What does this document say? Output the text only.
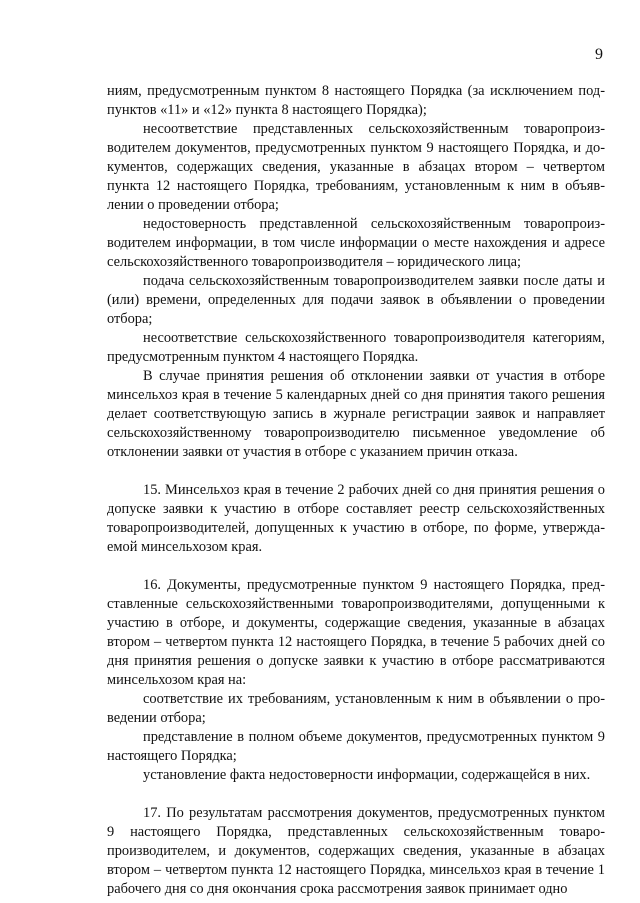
9

ниям, предусмотренным пунктом 8 настоящего Порядка (за исключением подпунктов «11» и «12» пункта 8 настоящего Порядка);

несоответствие представленных сельскохозяйственным товаропроизводителем документов, предусмотренных пунктом 9 настоящего Порядка, и документов, содержащих сведения, указанные в абзацах втором – четвертом пункта 12 настоящего Порядка, требованиям, установленным к ним в объявлении о проведении отбора;

недостоверность представленной сельскохозяйственным товаропроизводителем информации, в том числе информации о месте нахождения и адресе сельскохозяйственного товаропроизводителя – юридического лица;

подача сельскохозяйственным товаропроизводителем заявки после даты и (или) времени, определенных для подачи заявок в объявлении о проведении отбора;

несоответствие сельскохозяйственного товаропроизводителя категориям, предусмотренным пунктом 4 настоящего Порядка.

В случае принятия решения об отклонении заявки от участия в отборе минсельхоз края в течение 5 календарных дней со дня принятия такого решения делает соответствующую запись в журнале регистрации заявок и направляет сельскохозяйственному товаропроизводителю письменное уведомление об отклонении заявки от участия в отборе с указанием причин отказа.

15. Минсельхоз края в течение 2 рабочих дней со дня принятия решения о допуске заявки к участию в отборе составляет реестр сельскохозяйственных товаропроизводителей, допущенных к участию в отборе, по форме, утверждаемой минсельхозом края.

16. Документы, предусмотренные пунктом 9 настоящего Порядка, представленные сельскохозяйственными товаропроизводителями, допущенными к участию в отборе, и документы, содержащие сведения, указанные в абзацах втором – четвертом пункта 12 настоящего Порядка, в течение 5 рабочих дней со дня принятия решения о допуске заявки к участию в отборе рассматриваются минсельхозом края на:

соответствие их требованиям, установленным к ним в объявлении о проведении отбора;

представление в полном объеме документов, предусмотренных пунктом 9 настоящего Порядка;

установление факта недостоверности информации, содержащейся в них.

17. По результатам рассмотрения документов, предусмотренных пунктом 9 настоящего Порядка, представленных сельскохозяйственным товаропроизводителем, и документов, содержащих сведения, указанные в абзацах втором – четвертом пункта 12 настоящего Порядка, минсельхоз края в течение 1 рабочего дня со дня окончания срока рассмотрения заявок принимает одно
